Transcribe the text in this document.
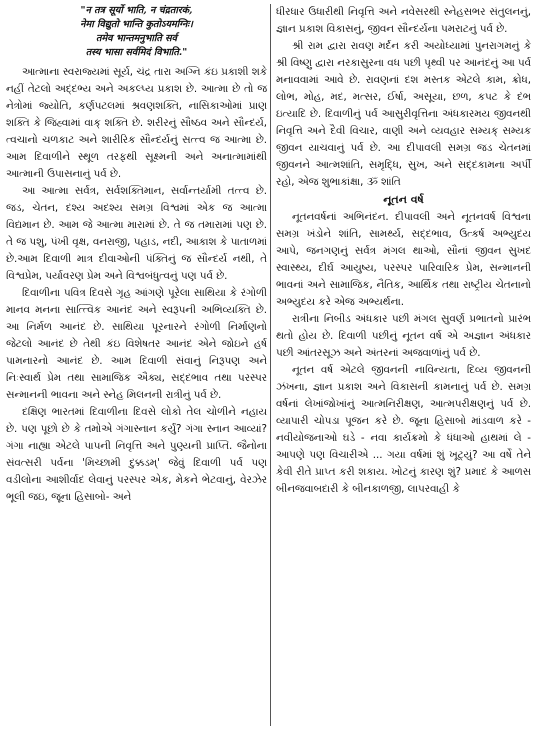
"न तत्र सूर्यो भाति, न चंद्रतारकं,
नेमा विद्युतो भान्ति कुतोऽयमग्निः।
तमेव भान्तमनुभाति सर्व
तस्य भासा सर्वमिदं विभाति."

આત્માના સ્વરાજ્યમાં સૂર્ય, ચંદ્ર તારા અગ્નિ કંઇ પ્રકાશી શકે નહીં તેટલો અદ્દભ્ય અને અકલ્પ્ય પ્રકાશ છે. આત્મા છે તો જ નેત્રોમાં જ્યોતિ, કર્ણપટલમાં શ્રવણશક્તિ, નાસિકાઓમાં પ્રાણ શક્તિ કે જિહ્વામાં વાક્ શક્તિ છે. શરીરનું સૌષ્ઠવ અને સૌન્દર્ય, ત્વચાનો ચળકાટ અને શારીરિક સૌન્દર્યનું સત્ત્વ જ આત્મા છે. આમ દિવાળીને સ્થૂળ તરફથી સૂક્ષ્મની અને અનાત્મામાંથી આત્માની ઉપાસનાનું પર્વ છે.

આ આત્મા સર્વત્ર, સર્વશક્તિમાન, સર્વાન્તર્યામી તત્ત્વ છે. જડ, ચેતન, દશ્ય અદશ્ય સમગ્ર વિશ્વમાં એક જ આત્મા વિદ્યમાન છે. આમ જે આત્મા મારામાં છે. તે જ તમારામાં પણ છે. તે જ પશુ, પંખી વૃક્ષ, વનરાજી, પહાડ, નદી, આકાશ કે પાતાળમાં છે.આમ દિવાળી માત્ર દીવાઓની પંક્તિનું જ સૌન્દર્ય નથી, તે વિશ્વપ્રેમ, પર્યાવરણ પ્રેમ અને વિશ્વબંધુત્વનું પણ પર્વ છે.

દિવાળીના પવિત્ર દિવસે ગૃહ આંગણે પૂરેલા સાથિયા કે રંગોળી માનવ મનના સાત્ત્વિક આનંદ અને સ્વરૂપની અભિવ્યક્તિ છે. આ નિર્મળ આનંદ છે. સાથિયા પૂરનારને રંગોળી નિર્માણનો જેટલો આનંદ છે તેથી કંઇ વિશેષતર આનંદ એને જોઇને હર્ષ પામનારનો આનંદ છે. આમ દિવાળી સંવાનું નિરૂપણ અને નિઃસ્વાર્થ પ્રેમ તથા સામાજિક ઐક્ય, સદ્દભાવ તથા પરસ્પર સન્માનની ભાવના અને સ્નેહ મિલનની રાત્રીનું પર્વ છે.

દક્ષિણ ભારતમાં દિવાળીના દિવસે લોકો તેલ ચોળીને નહાય છે. પણ પૂછો છે કે તમોએ ગંગાસ્નાન કર્યું? ગંગા સ્નાન આવ્યાં? ગંગા નાહ્યા એટલે પાપની નિવૃત્તિ અને પુણ્યની પ્રાપ્તિ. જૈનોના સંવત્સરી પર્વના 'મિચ્છામી દુક્કડમ્' જેવું દિવાળી પર્વ પણ વડીલોના આશીર્વાદ લેવાનું પરસ્પર એક, મેકને ભેટવાનું, વેરઝેર ભૂલી જઇ, જૂના હિસાબો- અને

ધીરધાર ઉધારીથી નિવૃત્તિ અને નવેસરથી સ્નેહસભર સંતુલનનું, જ્ઞાન પ્રકાશ વિકાસનું, જીવન સૌન્દર્યના પમરાટનું પર્વ છે.

શ્રી રામ દ્વારા રાવણ મર્દન કરી અયોધ્યામાં પુનરાગમનું કે શ્રી વિષ્ણુ દ્વારા નરકાસુરના વધ પછી પૃથ્વી પર આનંદનું આ પર્વ મનાવવામાં આવે છે. રાવણનાં દશ મસ્તક એટલે કામ, ક્રોધ, લોભ, મોહ, મદ, મત્સર, ઈર્ષા, અસૂયા, છળ, કપટ કે દંભ ઇત્યાદિ છે. દિવાળીનું પર્વ આસુરીવૃત્તિના અંધકારમય જીવનથી નિવૃત્તિ અને દૈવી વિચાર, વાણી અને વ્યવહાર સમ્યક્ સમ્યક જીવન યાચવાનું પર્વ છે. આ દીપાવલી સમગ્ર જડ ચેતનમાં જીવનને આત્મશાંતિ, સમૃદ્ધિ, સુખ, અને સદ્દકામના અર્પી રહો, એજ શુભાકાંક્ષા, ૐ શાંતિ

નૂતન વર્ષ

નૂતનવર્ષનાં અભિનંદન. દીપાવલી અને નૂતનવર્ષ વિશ્વના સમગ્ર ખંડોને શાંતિ, સામર્થ્ય, સદ્દભાવ, ઉત્કર્ષ અભ્યુદય આપે, જનગણનું સર્વત્ર મંગલ થાઓ, સૌનાં જીવન સુખદ સ્વાસ્થ્ય, દીર્ઘ આયુષ્ય, પરસ્પર પારિવારિક પ્રેમ, સન્માનની ભાવનાં અને સામાજિક, નૈતિક, આર્થિક તથા રાષ્ટ્રીય ચેતનાનો અભ્યુદય કરે એજ અભ્યર્થના.

રાત્રીના નિબીડ અંધકાર પછી મંગલ સુવર્ણ પ્રભાતનો પ્રારંભ થતો હોય છે. દિવાળી પછીનું નૂતન વર્ષ એ અજ્ઞાન અંધકાર પછી આંતરસૂઝ અને અંતરનાં અજવાળાંનું પર્વ છે.

નૂતન વર્ષ એટલે જીવનની નાવિન્યતા, દિવ્ય જીવનની ઝંખના, જ્ઞાન પ્રકાશ અને વિકાસની કામનાનું પર્વ છે. સમગ્ર વર્ષનાં લેખાંજોખાંનું આત્મનિરીક્ષણ, આત્મપરીક્ષણનું પર્વ છે. વ્યાપારી ચોપડા પૂજન કરે છે. જૂના હિસાબો માંડવાળ કરે - નવીયોજનાઓ ઘડે - નવા કાર્યક્રમો કે ધંધાઓ હાથમાં લે - આપણે પણ વિચારીએ ... ગયા વર્ષમાં શું ખૂટ્યું? આ વર્ષે તેને કેવી રીતે પ્રાપ્ત કરી શકાય. ખોટનું કારણ શું? પ્રમાદ કે આળસ બીનજવાબદારી કે બીનકાળજી, લાપરવાહી કે
